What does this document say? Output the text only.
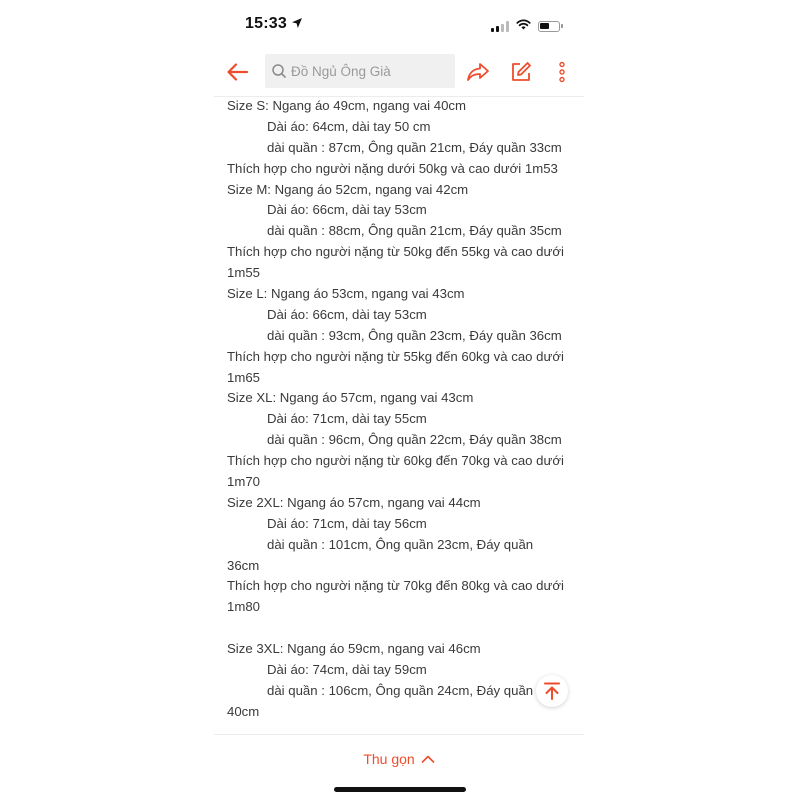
15:33
Đồ Ngủ Ông Già
Size S: Ngang áo 49cm, ngang vai 40cm
Dài áo: 64cm, dài tay 50 cm
dài quần : 87cm, Ông quần 21cm, Đáy quần 33cm
Thích hợp cho người nặng dưới 50kg và cao dưới 1m53
Size M: Ngang áo 52cm, ngang vai 42cm
Dài áo: 66cm, dài tay 53cm
dài quần : 88cm, Ông quần 21cm, Đáy quần 35cm
Thích hợp cho người nặng từ 50kg đến 55kg và cao dưới
1m55
Size L: Ngang áo 53cm, ngang vai 43cm
Dài áo: 66cm, dài tay 53cm
dài quần : 93cm, Ông quần 23cm, Đáy quần 36cm
Thích hợp cho người nặng từ 55kg đến 60kg và cao dưới
1m65
Size XL: Ngang áo 57cm, ngang vai 43cm
Dài áo: 71cm, dài tay 55cm
dài quần : 96cm, Ông quần 22cm, Đáy quần 38cm
Thích hợp cho người nặng từ 60kg đến 70kg và cao dưới
1m70
Size 2XL: Ngang áo 57cm, ngang vai 44cm
Dài áo: 71cm, dài tay 56cm
dài quần : 101cm, Ông quần 23cm, Đáy quần
36cm
Thích hợp cho người nặng từ 70kg đến 80kg và cao dưới
1m80
Size 3XL: Ngang áo 59cm, ngang vai 46cm
Dài áo: 74cm, dài tay 59cm
dài quần : 106cm, Ông quần 24cm, Đáy quần
40cm
Thu gọn
